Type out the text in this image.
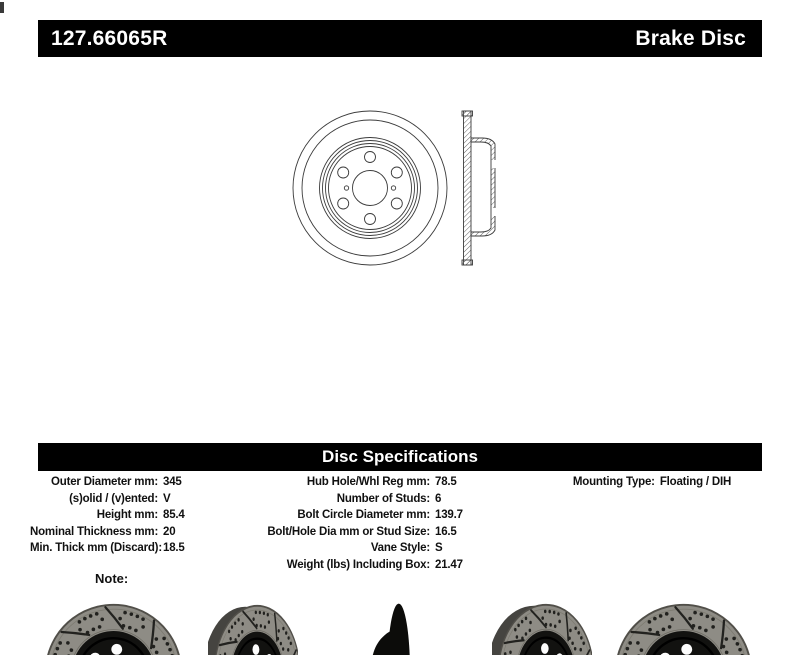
127.66065R	Brake Disc
Disc Specifications
Outer Diameter mm: 345
(s)olid / (v)ented: V
Height mm: 85.4
Nominal Thickness mm: 20
Min. Thick mm (Discard): 18.5
Hub Hole/Whl Reg mm: 78.5
Number of Studs: 6
Bolt Circle Diameter mm: 139.7
Bolt/Hole Dia mm or Stud Size: 16.5
Vane Style: S
Weight (lbs) Including Box: 21.47
Mounting Type: Floating / DIH
Note:
